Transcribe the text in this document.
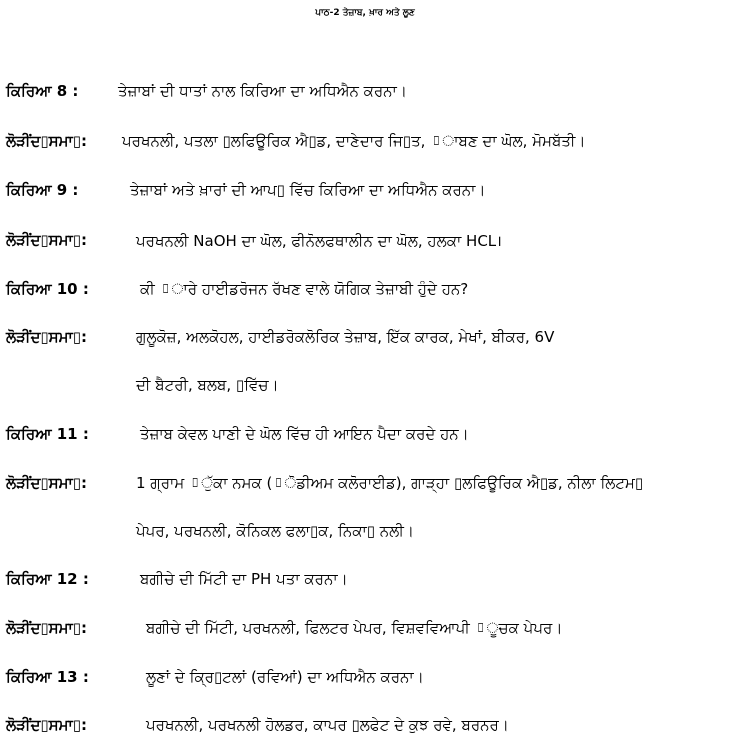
ਪਾਠ-2 ਤੇਜ਼ਾਬ, ਖ਼ਾਰ ਅਤੇ ਲੂਣ
ਕਿਰਿਆ 8 :	ਤੇਜ਼ਾਬਾਂ ਦੀ ਧਾਤਾਂ ਨਾਲ ਕਿਰਿਆ ਦਾ ਅਧਿਐਨ ਕਰਨਾ।
ਲੋੜੀਂਦ▯ਸਮਾ▯: ਪਰਖਨਲੀ, ਪਤਲਾ ▯ਲਫਿਊਰਿਕ ਐ▯ਡ, ਦਾਣੇਦਾਰ ਜਿ▯ਤ, ▯ਾਬਣ ਦਾ ਘੋਲ, ਮੋਮਬੱਤੀ।
ਕਿਰਿਆ 9 :	ਤੇਜ਼ਾਬਾਂ ਅਤੇ ਖ਼ਾਰਾਂ ਦੀ ਆਪ▯ ਵਿੱਚ ਕਿਰਿਆ ਦਾ ਅਧਿਐਨ ਕਰਨਾ।
ਲੋੜੀਂਦ▯ਸਮਾ▯:	ਪਰਖਨਲੀ NaOH ਦਾ ਘੋਲ, ਫੀਨੋਲਫਥਾਲੀਨ ਦਾ ਘੋਲ, ਹਲਕਾ HCL।
ਕਿਰਿਆ 10 :	ਕੀ ▯ਾਰੇ ਹਾਈਡਰੋਜਨ ਰੱਖਣ ਵਾਲੇ ਯੋਗਿਕ ਤੇਜ਼ਾਬੀ ਹੁੰਦੇ ਹਨ?
ਲੋੜੀਂਦ▯ਸਮਾ▯:	ਗੁਲੂਕੋਜ਼, ਅਲਕੋਹਲ, ਹਾਈਡਰੋਕਲੋਰਿਕ ਤੇਜ਼ਾਬ, ਇੱਕ ਕਾਰਕ, ਮੇਖਾਂ, ਬੀਕਰ, 6V
ਦੀ ਬੈਟਰੀ, ਬਲਬ, ▯ਵਿੱਚ।
ਕਿਰਿਆ 11 :	ਤੇਜ਼ਾਬ ਕੇਵਲ ਪਾਣੀ ਦੇ ਘੋਲ ਵਿੱਚ ਹੀ ਆਇਨ ਪੈਦਾ ਕਰਦੇ ਹਨ।
ਲੋੜੀਂਦ▯ਸਮਾ▯:	1 ਗ੍ਰਾਮ ▯ੁੱਕਾ ਨਮਕ (▯ੋਡੀਅਮ ਕਲੋਰਾਈਡ), ਗਾੜ੍ਹਾ ▯ਲਫਿਊਰਿਕ ਐ▯ਡ, ਨੀਲਾ ਲਿਟਮ▯
ਪੇਪਰ, ਪਰਖਨਲੀ, ਕੋਨਿਕਲ ਫਲਾ▯ਕ, ਨਿਕਾ▯ ਨਲੀ।
ਕਿਰਿਆ 12 :	ਬਗੀਚੇ ਦੀ ਮਿੱਟੀ ਦਾ PH ਪਤਾ ਕਰਨਾ।
ਲੋੜੀਂਦ▯ਸਮਾ▯:	ਬਗੀਚੇ ਦੀ ਮਿੱਟੀ, ਪਰਖਨਲੀ, ਫਿਲਟਰ ਪੇਪਰ, ਵਿਸ਼ਵਵਿਆਪੀ ▯ੂਚਕ ਪੇਪਰ।
ਕਿਰਿਆ 13 :	ਲੂਣਾਂ ਦੇ ਕ੍ਰਿ▯ਟਲਾਂ (ਰਵਿਆਂ) ਦਾ ਅਧਿਐਨ ਕਰਨਾ।
ਲੋੜੀਂਦ▯ਸਮਾ▯:	ਪਰਖਨਲੀ, ਪਰਖਨਲੀ ਹੋਲਡਰ, ਕਾਪਰ ▯ਲਫੇਟ ਦੇ ਕੁਝ ਰਵੇ, ਬਰਨਰ।
